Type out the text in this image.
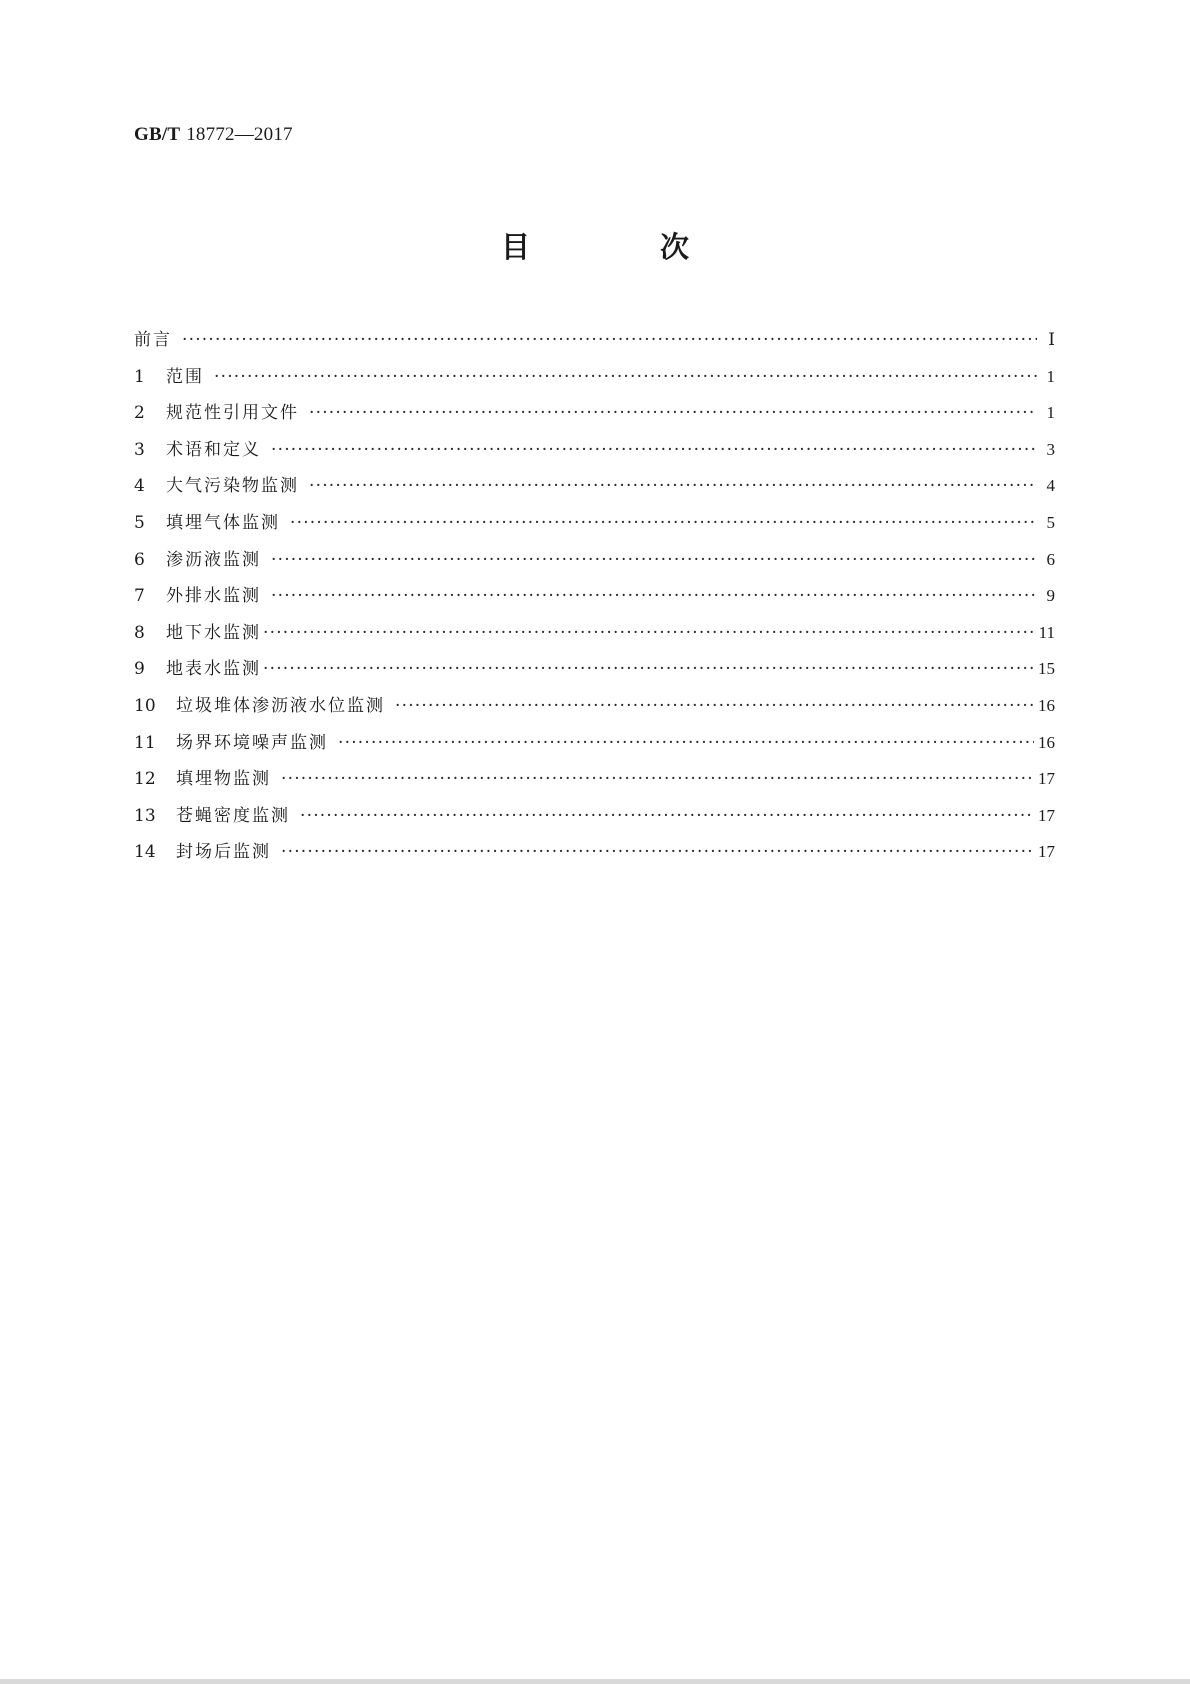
GB/T 18772—2017
目 次
前言 ·····	Ⅰ
1	范围 ·····	1
2	规范性引用文件 ·····	1
3	术语和定义 ·····	3
4	大气污染物监测 ·····	4
5	填埋气体监测 ·····	5
6	渗沥液监测 ·····	6
7	外排水监测 ·····	9
8	地下水监测 ·····	11
9	地表水监测 ·····	15
10	垃圾堆体渗沥液水位监测 ·····	16
11	场界环境噪声监测 ·····	16
12	填埋物监测 ·····	17
13	苍蝇密度监测 ·····	17
14	封场后监测 ·····	17
